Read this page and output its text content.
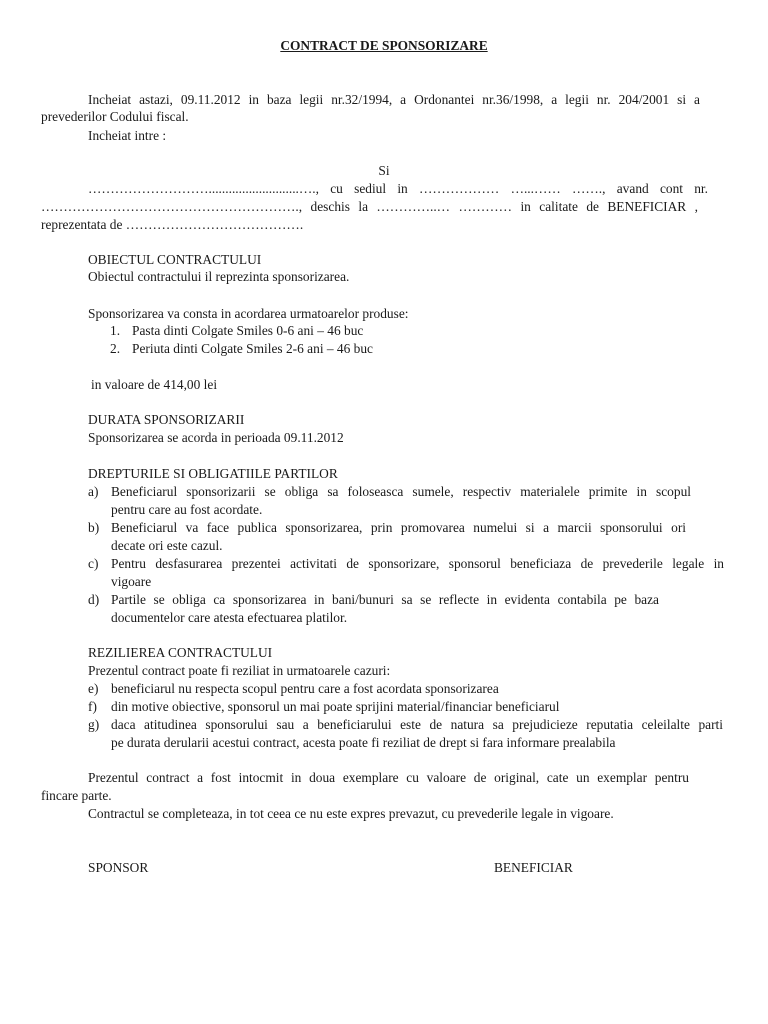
CONTRACT DE SPONSORIZARE
Incheiat astazi, 09.11.2012 in baza legii nr.32/1994, a Ordonantei nr.36/1998, a legii nr. 204/2001 si a
prevederilor Codului fiscal.
Incheiat intre :
Si
………………………...........................…., cu sediul in ……………… …...…… ……., avand cont nr.
…………………………………………………., deschis la …………..… ………… in calitate de BENEFICIAR ,
reprezentata de ………………………………….
OBIECTUL CONTRACTULUI
Obiectul contractului il reprezinta sponsorizarea.
Sponsorizarea va consta in acordarea urmatoarelor produse:
1. Pasta dinti Colgate Smiles 0-6 ani – 46 buc
2. Periuta dinti Colgate Smiles 2-6 ani – 46 buc
in valoare de 414,00 lei
DURATA SPONSORIZARII
Sponsorizarea se acorda in perioada 09.11.2012
DREPTURILE SI OBLIGATIILE PARTILOR
a) Beneficiarul sponsorizarii se obliga sa foloseasca sumele, respectiv materialele primite in scopul
pentru care au fost acordate.
b) Beneficiarul va face publica sponsorizarea, prin promovarea numelui si a marcii sponsorului ori
decate ori este cazul.
c) Pentru desfasurarea prezentei activitati de sponsorizare, sponsorul beneficiaza de prevederile legale in
vigoare
d) Partile se obliga ca sponsorizarea in bani/bunuri sa se reflecte in evidenta contabila pe baza
documentelor care atesta efectuarea platilor.
REZILIEREA CONTRACTULUI
Prezentul contract poate fi reziliat in urmatoarele cazuri:
e) beneficiarul nu respecta scopul pentru care a fost acordata sponsorizarea
f) din motive obiective, sponsorul un mai poate sprijini material/financiar beneficiarul
g) daca atitudinea sponsorului sau a beneficiarului este de natura sa prejudicieze reputatia celeilalte parti
pe durata derularii acestui contract, acesta poate fi reziliat de drept si fara informare prealabila
Prezentul contract a fost intocmit in doua exemplare cu valoare de original, cate un exemplar pentru
fincare parte.
Contractul se completeaza, in tot ceea ce nu este expres prevazut, cu prevederile legale in vigoare.
SPONSOR	BENEFICIAR
